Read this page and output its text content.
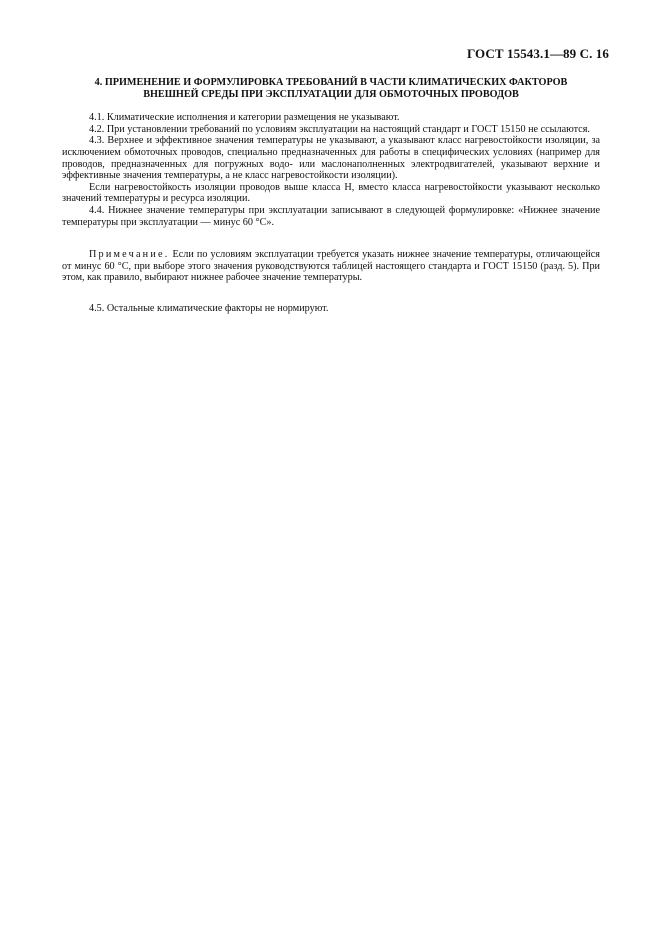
ГОСТ 15543.1—89 С. 16
4. ПРИМЕНЕНИЕ И ФОРМУЛИРОВКА ТРЕБОВАНИЙ В ЧАСТИ КЛИМАТИЧЕСКИХ ФАКТОРОВ
ВНЕШНЕЙ СРЕДЫ ПРИ ЭКСПЛУАТАЦИИ ДЛЯ ОБМОТОЧНЫХ ПРОВОДОВ

4.1. Климатические исполнения и категории размещения не указывают.

4.2. При установлении требований по условиям эксплуатации на настоящий стандарт и ГОСТ 15150 не ссылаются.

4.3. Верхнее и эффективное значения температуры не указывают, а указывают класс нагревостойкости изоляции, за исключением обмоточных проводов, специально предназначенных для работы в специфических условиях (например для проводов, предназначенных для погружных водо- или маслонаполненных электродвигателей, указывают верхние и эффективные значения температуры, а не класс нагревостойкости изоляции).

Если нагревостойкость изоляции проводов выше класса Н, вместо класса нагревостойкости указывают несколько значений температуры и ресурса изоляции.

4.4. Нижнее значение температуры при эксплуатации записывают в следующей формулировке: «Нижнее значение температуры при эксплуатации — минус 60 °С».

Примечание. Если по условиям эксплуатации требуется указать нижнее значение температуры, отличающейся от минус 60 °С, при выборе этого значения руководствуются таблицей настоящего стандарта и ГОСТ 15150 (разд. 5). При этом, как правило, выбирают нижнее рабочее значение температуры.

4.5. Остальные климатические факторы не нормируют.
